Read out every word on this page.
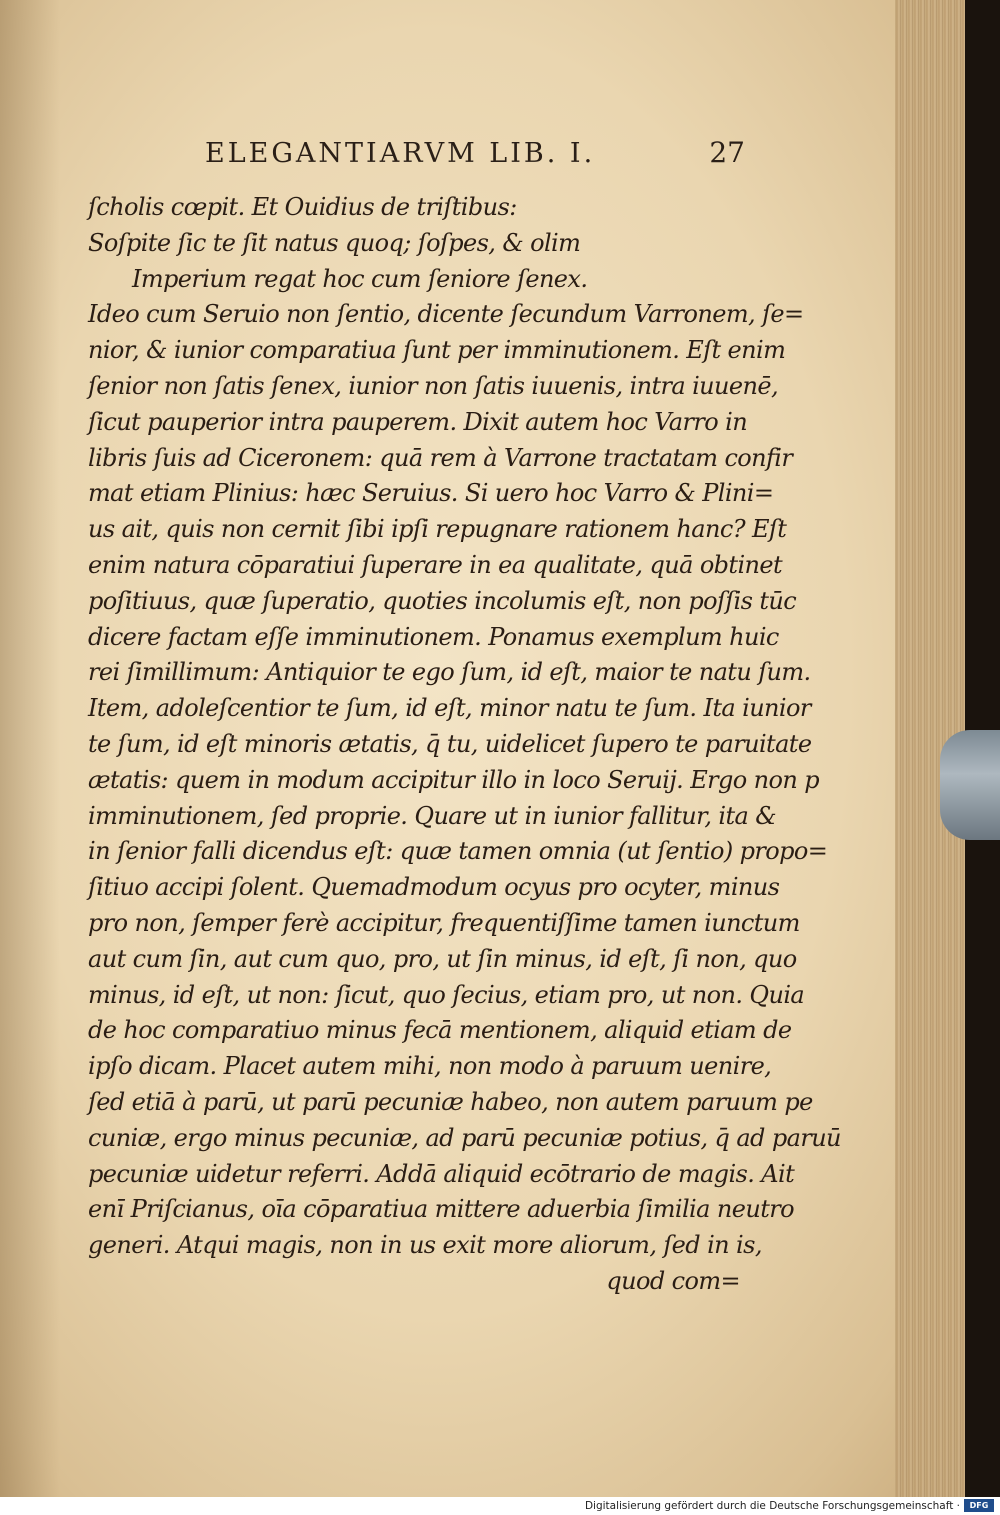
ELEGANTIARVM LIB. I.	27
ſcholis cœpit. Et Ouidius de triſtibus:
Soſpite ſic te ſit natus quoq; ſoſpes, & olim
Imperium regat hoc cum ſeniore ſenex.
Ideo cum Seruio non ſentio, dicente ſecundum Varronem, ſe=
nior, & iunior comparatiua ſunt per imminutionem. Eſt enim
ſenior non ſatis ſenex, iunior non ſatis iuuenis, intra iuuenē,
ſicut pauperior intra pauperem. Dixit autem hoc Varro in
libris ſuis ad Ciceronem: quā rem à Varrone tractatam confir
mat etiam Plinius: hæc Seruius. Si uero hoc Varro & Plini=
us ait, quis non cernit ſibi ipſi repugnare rationem hanc? Eſt
enim natura cōparatiui ſuperare in ea qualitate, quā obtinet
poſitiuus, quæ ſuperatio, quoties incolumis eſt, non poſſis tūc
dicere factam eſſe imminutionem. Ponamus exemplum huic
rei ſimillimum: Antiquior te ego ſum, id eſt, maior te natu ſum.
Item, adoleſcentior te ſum, id eſt, minor natu te ſum. Ita iunior
te ſum, id eſt minoris ætatis, q̄ tu, uidelicet ſupero te paruitate
ætatis: quem in modum accipitur illo in loco Seruij. Ergo non p
imminutionem, ſed proprie. Quare ut in iunior fallitur, ita &
in ſenior falli dicendus eſt: quæ tamen omnia (ut ſentio) propo=
ſitiuo accipi ſolent. Quemadmodum ocyus pro ocyter, minus
pro non, ſemper ferè accipitur, frequentiſſime tamen iunctum
aut cum ſin, aut cum quo, pro, ut ſin minus, id eſt, ſi non, quo
minus, id eſt, ut non: ſicut, quo ſecius, etiam pro, ut non. Quia
de hoc comparatiuo minus fecā mentionem, aliquid etiam de
ipſo dicam. Placet autem mihi, non modo à paruum uenire,
ſed etiā à parū, ut parū pecuniæ habeo, non autem paruum pe
cuniæ, ergo minus pecuniæ, ad parū pecuniæ potius, q̄ ad paruū
pecuniæ uidetur referri. Addā aliquid ecōtrario de magis. Ait
enī Priſcianus, oīa cōparatiua mittere aduerbia ſimilia neutro
generi. Atqui magis, non in us exit more aliorum, ſed in is,
quod com=
Digitalisierung gefördert durch die Deutsche Forschungsgemeinschaft ·	DFG
